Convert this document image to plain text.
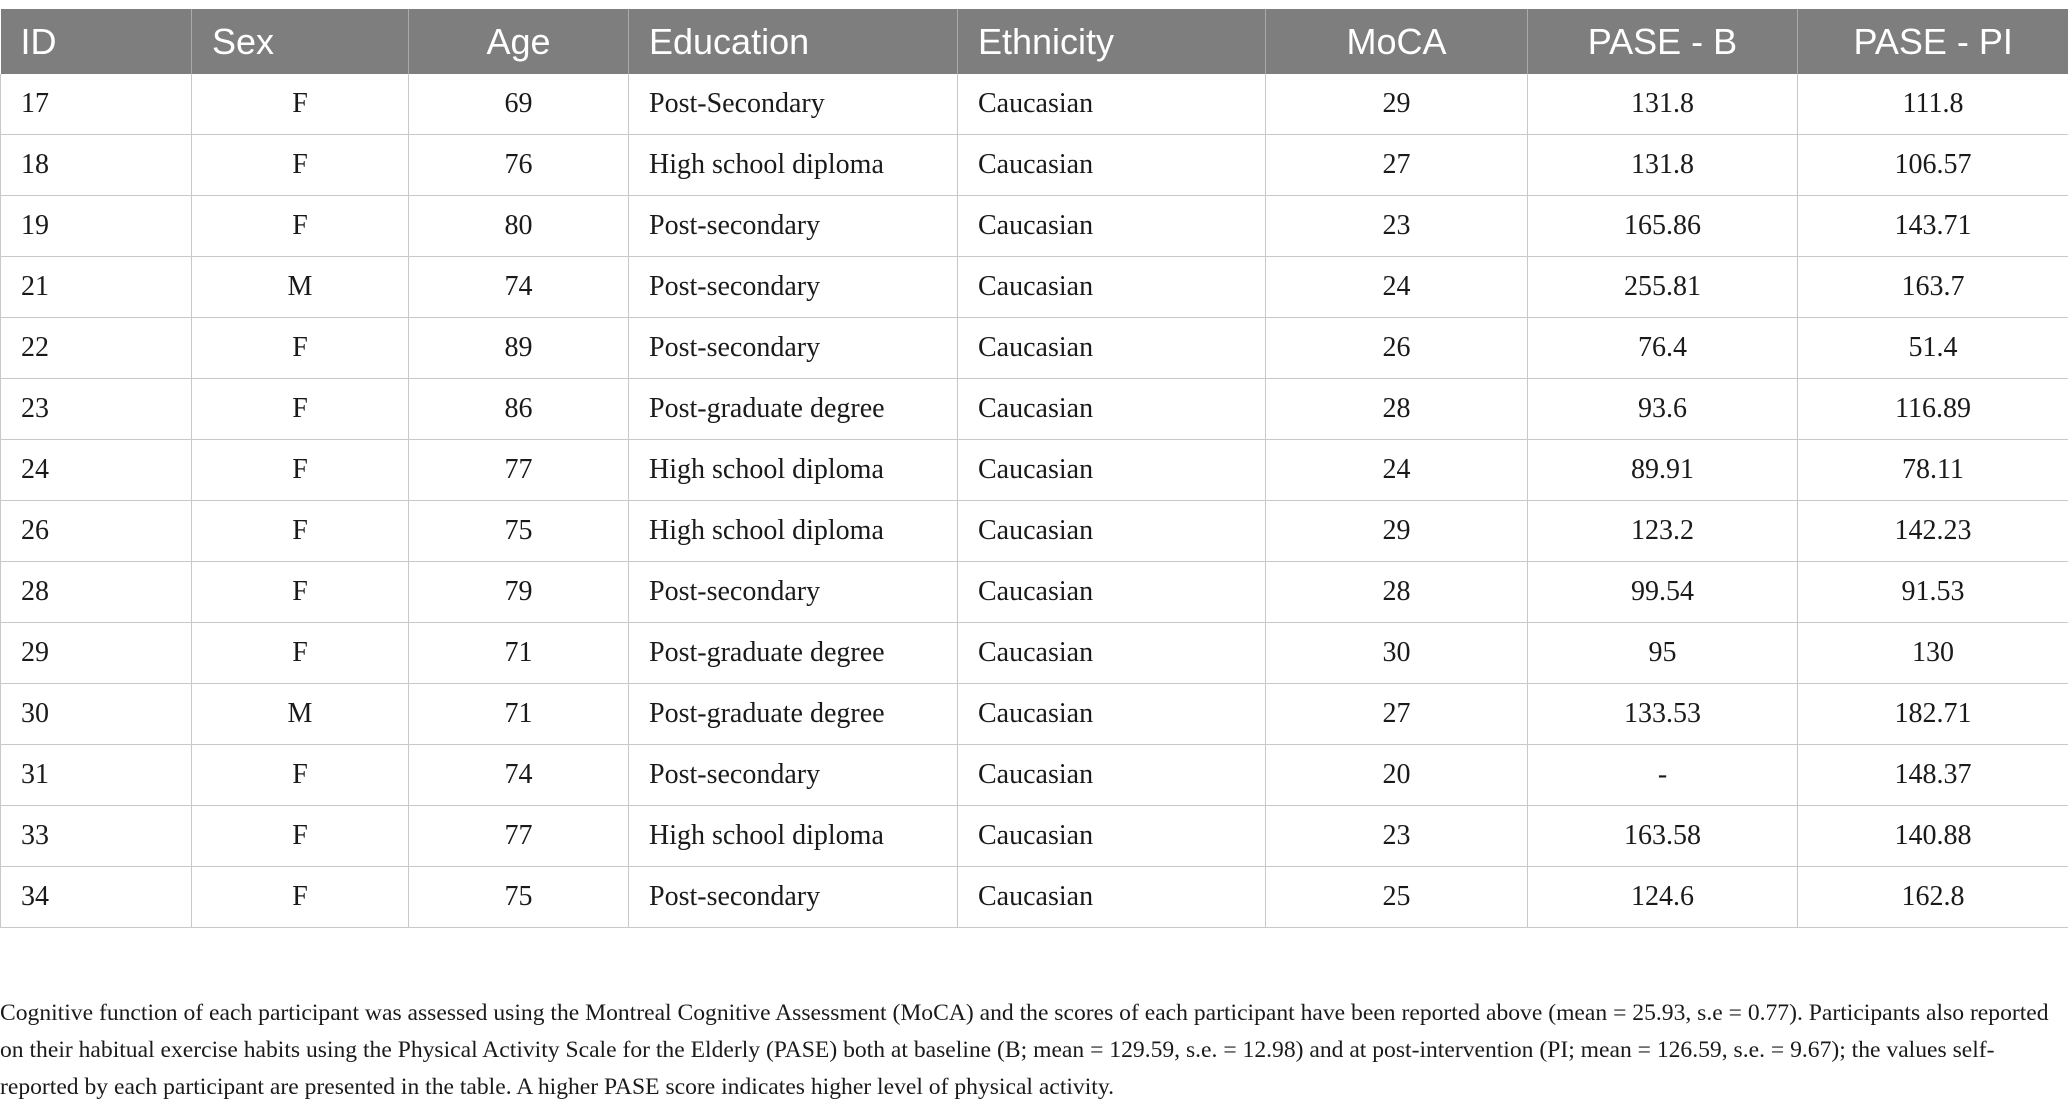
ID	Sex	Age	Education	Ethnicity	MoCA	PASE - B	PASE - PI
17	F	69	Post-Secondary	Caucasian	29	131.8	111.8
18	F	76	High school diploma	Caucasian	27	131.8	106.57
19	F	80	Post-secondary	Caucasian	23	165.86	143.71
21	M	74	Post-secondary	Caucasian	24	255.81	163.7
22	F	89	Post-secondary	Caucasian	26	76.4	51.4
23	F	86	Post-graduate degree	Caucasian	28	93.6	116.89
24	F	77	High school diploma	Caucasian	24	89.91	78.11
26	F	75	High school diploma	Caucasian	29	123.2	142.23
28	F	79	Post-secondary	Caucasian	28	99.54	91.53
29	F	71	Post-graduate degree	Caucasian	30	95	130
30	M	71	Post-graduate degree	Caucasian	27	133.53	182.71
31	F	74	Post-secondary	Caucasian	20	-	148.37
33	F	77	High school diploma	Caucasian	23	163.58	140.88
34	F	75	Post-secondary	Caucasian	25	124.6	162.8

Cognitive function of each participant was assessed using the Montreal Cognitive Assessment (MoCA) and the scores of each participant have been reported above (mean = 25.93, s.e = 0.77). Participants also reported on their habitual exercise habits using the Physical Activity Scale for the Elderly (PASE) both at baseline (B; mean = 129.59, s.e. = 12.98) and at post-intervention (PI; mean = 126.59, s.e. = 9.67); the values self-reported by each participant are presented in the table. A higher PASE score indicates higher level of physical activity.
